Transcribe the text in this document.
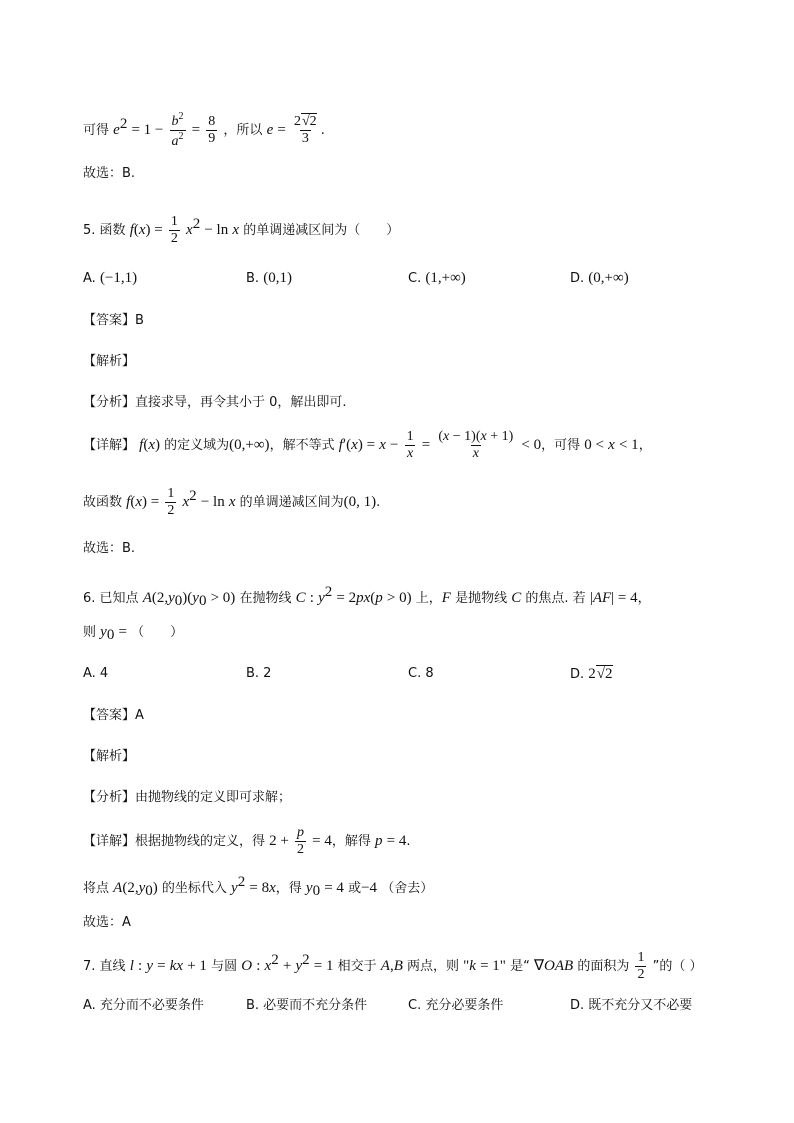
可得 $e^2 = 1 - \frac{b^2}{a^2} = \frac{8}{9}$ ，所以 $e = \frac{2√2}{3}$ .
故选：B.
5. 函数 $f(x) = \frac{1}{2} x^2 - \ln x$ 的单调递减区间为（　　）
A. (−1,1)	B. (0,1)	C. (1,+∞)	D. (0,+∞)
【答案】B
【解析】
【分析】直接求导，再令其小于 0，解出即可.
【详解】 f(x) 的定义域为(0,+∞)，解不等式 $f'(x) = x - \frac{1}{x} = \frac{(x - 1)(x + 1)}{x} < 0$，可得 0 < x < 1，
故函数 $f(x) = \frac{1}{2} x^2 - \ln x$ 的单调递减区间为(0, 1).
故选：B.
6. 已知点 $A(2,y_0)(y_0 > 0)$ 在抛物线 C : $y^2 = 2px(p > 0)$ 上，F 是抛物线 C 的焦点. 若 |AF| = 4，
则 $y_0$ = （　　）
A. 4	B. 2	C. 8	D. 2√2
【答案】A
【解析】
【分析】由抛物线的定义即可求解；
【详解】根据抛物线的定义，得 $2 + \frac{p}{2} = 4$，解得 p = 4.
将点 $A(2,y_0)$ 的坐标代入 $y^2 = 8x$，得 $y_0 = 4$ 或−4 （舍去）
故选：A
7. 直线 l : y = kx + 1 与圆 O : $x^2 + y^2 = 1$ 相交于 A,B 两点，则 "k = 1" 是“ ∇OAB 的面积为 $\frac{1}{2}$ ”的（ ）
A. 充分而不必要条件	B. 必要而不充分条件	C. 充分必要条件	D. 既不充分又不必要
